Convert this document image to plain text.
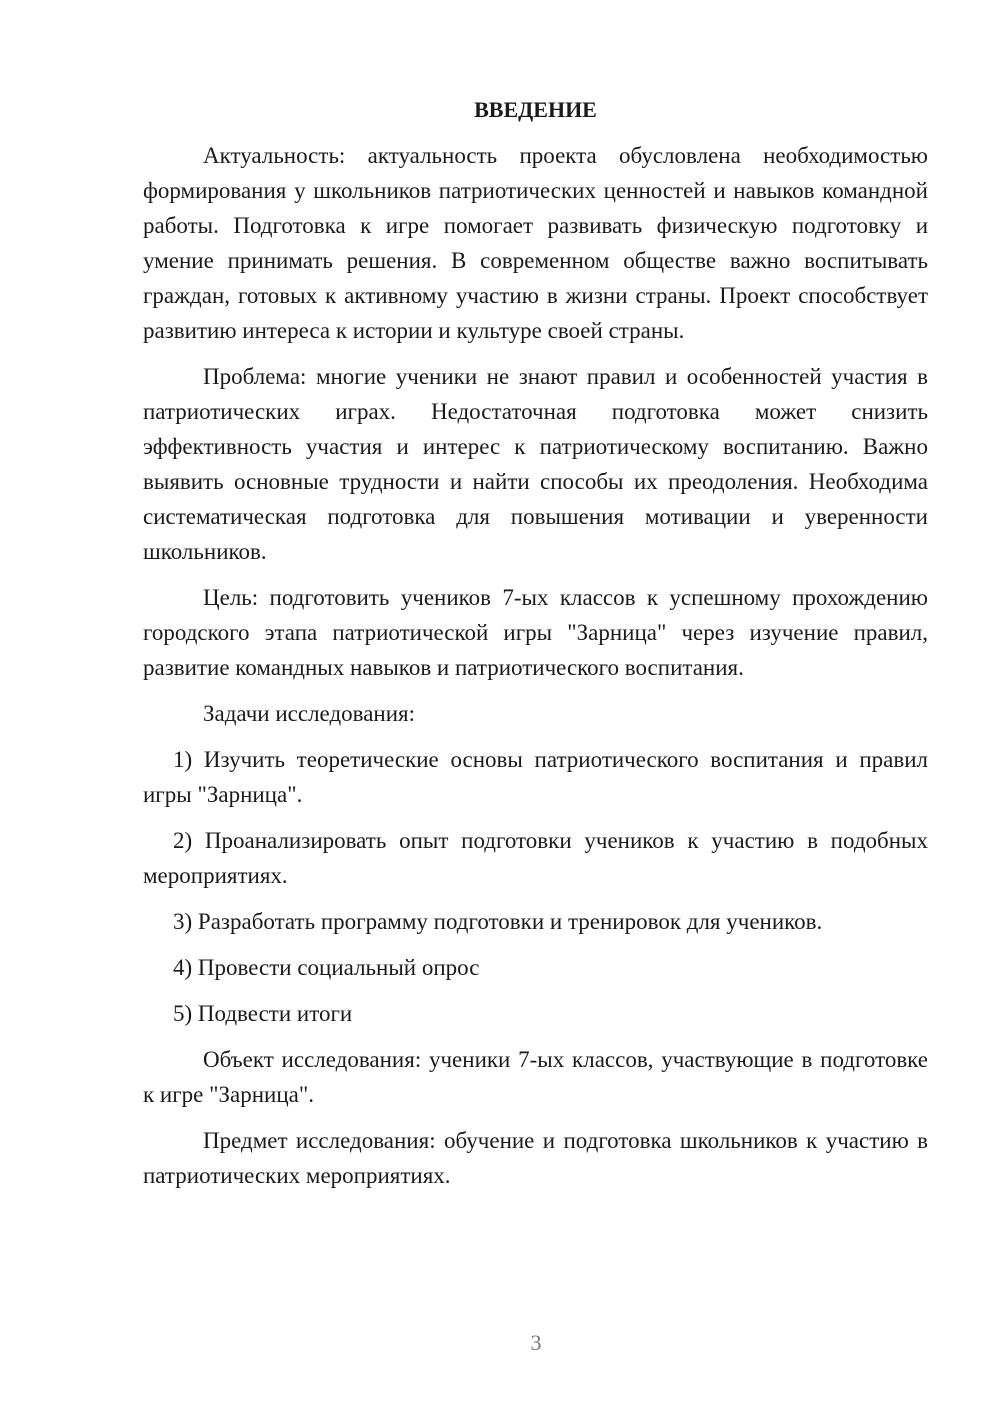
ВВЕДЕНИЕ

Актуальность: актуальность проекта обусловлена необходимостью формирования у школьников патриотических ценностей и навыков командной работы. Подготовка к игре помогает развивать физическую подготовку и умение принимать решения. В современном обществе важно воспитывать граждан, готовых к активному участию в жизни страны. Проект способствует развитию интереса к истории и культуре своей страны.

Проблема: многие ученики не знают правил и особенностей участия в патриотических играх. Недостаточная подготовка может снизить эффективность участия и интерес к патриотическому воспитанию. Важно выявить основные трудности и найти способы их преодоления. Необходима систематическая подготовка для повышения мотивации и уверенности школьников.

Цель: подготовить учеников 7-ых классов к успешному прохождению городского этапа патриотической игры "Зарница" через изучение правил, развитие командных навыков и патриотического воспитания.

Задачи исследования:

1) Изучить теоретические основы патриотического воспитания и правил игры "Зарница".

2) Проанализировать опыт подготовки учеников к участию в подобных мероприятиях.

3) Разработать программу подготовки и тренировок для учеников.

4) Провести социальный опрос

5) Подвести итоги

Объект исследования: ученики 7-ых классов, участвующие в подготовке к игре "Зарница".

Предмет исследования: обучение и подготовка школьников к участию в патриотических мероприятиях.

3
